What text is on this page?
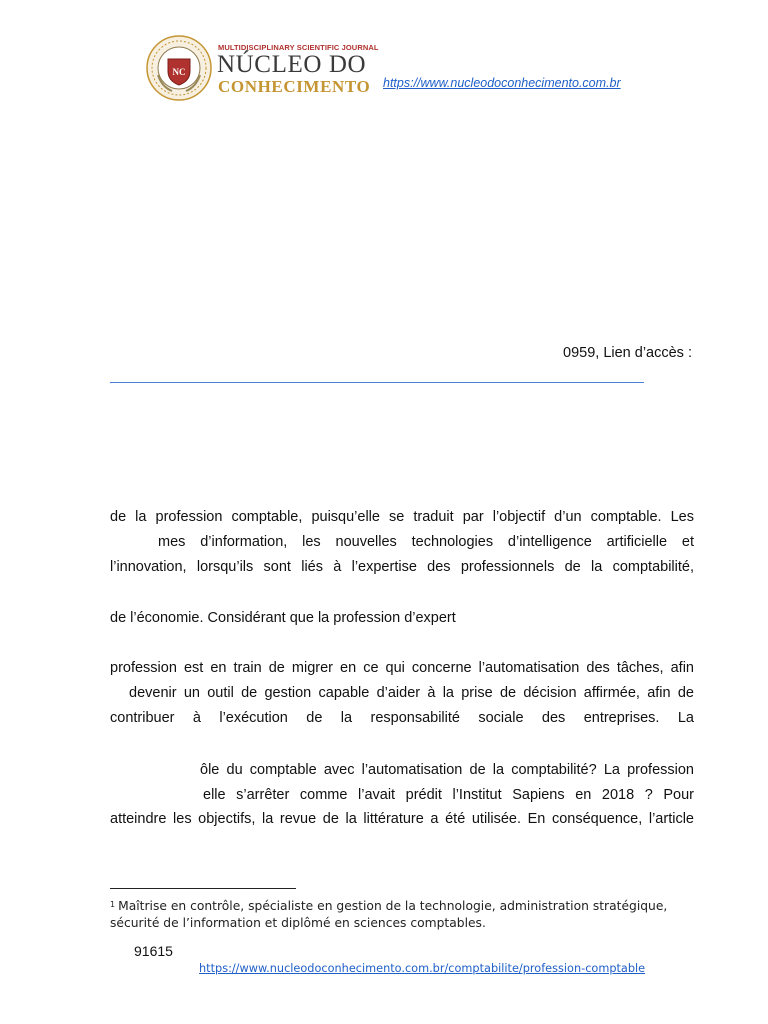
NC
MULTIDISCIPLINARY SCIENTIFIC JOURNAL
NÚCLEO DO
CONHECIMENTO https://www.nucleodoconhecimento.com.br
0959, Lien d’accès :
de la profession comptable, puisqu’elle se traduit par l’objectif d’un comptable. Les
mes d’information, les nouvelles technologies d’intelligence artificielle et
l’innovation, lorsqu’ils sont liés à l’expertise des professionnels de la comptabilité,
de l’économie. Considérant que la profession d’expert
profession est en train de migrer en ce qui concerne l’automatisation des tâches, afin
devenir un outil de gestion capable d’aider à la prise de décision affirmée, afin de
contribuer à l’exécution de la responsabilité sociale des entreprises. La
ôle du comptable avec l’automatisation de la comptabilité? La profession
elle s’arrêter comme l’avait prédit l’Institut Sapiens en 2018 ? Pour
atteindre les objectifs, la revue de la littérature a été utilisée. En conséquence, l’article
$^1$ Maîtrise en contrôle, spécialiste en gestion de la technologie, administration stratégique, sécurité de l’information et diplômé en sciences comptables.
91615
https://www.nucleodoconhecimento.com.br/comptabilite/profession-comptable
